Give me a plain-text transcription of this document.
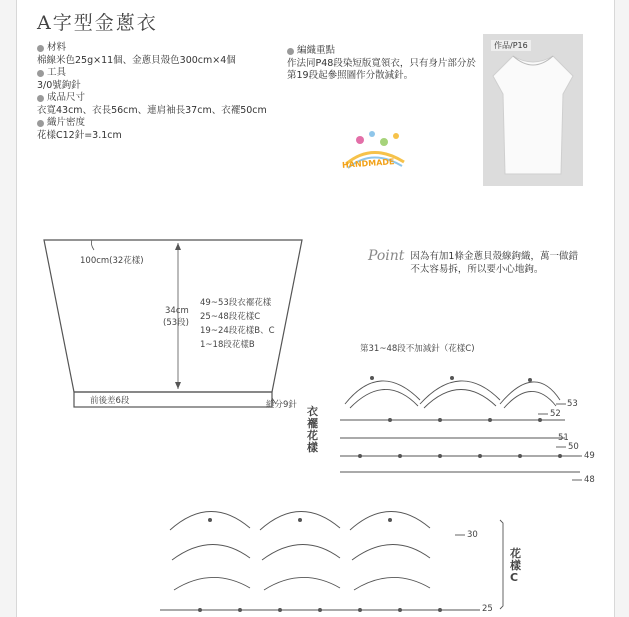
A字型金蔥衣
材料
棉線米色25g×11個、金蔥貝殼色300cm×4個
工具
3/0號鉤針
成品尺寸
衣寬43cm、衣長56cm、連肩袖長37cm、衣襬50cm
織片密度
花樣C12針=3.1cm
編織重點
作法同P48段染短版寬領衣，只有身片部分於第19段起參照圖作分散減針。
作品/P16
HANDMADE
Point 因為有加1條金蔥貝殼線鉤織，萬一做錯不太容易拆，所以要小心地鉤。
100cm(32花樣)
34cm
(53段)
49~53段衣襬花樣
25~48段花樣C
19~24段花樣B、C
1~18段花樣B
前後差6段	縫分9針
第31~48段不加減針（花樣C)
衣襬花樣
53
52
51
50
49
48
30
25
花樣C
